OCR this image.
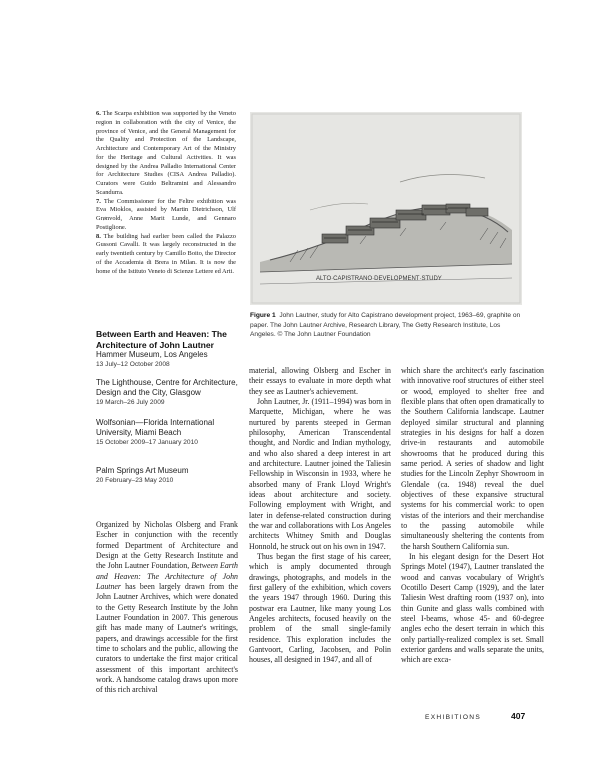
6. The Scarpa exhibition was supported by the Veneto region in collaboration with the city of Venice, the province of Venice, and the General Management for the Quality and Protection of the Landscape, Architecture and Contemporary Art of the Ministry for the Heritage and Cultural Activities. It was designed by the Andrea Palladio International Center for Architecture Studies (CISA Andrea Palladio). Curators were Guido Beltramini and Alessandro Scandurra.

7. The Commissioner for the Feltre exhibition was Eva Mioklos, assisted by Martin Dietrichson, Ulf Grønvold, Anne Marit Lunde, and Gennaro Postiglione.

8. The building had earlier been called the Palazzo Gussoni Cavalli. It was largely reconstructed in the early twentieth century by Camillo Boito, the Director of the Accademia di Brera in Milan. It is now the home of the Istituto Veneto di Scienze Lettere ed Arti.

ALTO·CAPISTRANO·DEVELOPMENT·STUDY
Figure 1 John Lautner, study for Alto Capistrano development project, 1963–69, graphite on paper. The John Lautner Archive, Research Library, The Getty Research Institute, Los Angeles. © The John Lautner Foundation
Between Earth and Heaven: The Architecture of John Lautner
Hammer Museum, Los Angeles
13 July–12 October 2008
The Lighthouse, Centre for Architecture, Design and the City, Glasgow
19 March–26 July 2009
Wolfsonian—Florida International University, Miami Beach
15 October 2009–17 January 2010
Palm Springs Art Museum
20 February–23 May 2010

Organized by Nicholas Olsberg and Frank Escher in conjunction with the recently formed Department of Architecture and Design at the Getty Research Institute and the John Lautner Foundation, Between Earth and Heaven: The Architecture of John Lautner has been largely drawn from the John Lautner Archives, which were donated to the Getty Research Institute by the John Lautner Foundation in 2007. This generous gift has made many of Lautner's writings, papers, and drawings accessible for the first time to scholars and the public, allowing the curators to undertake the first major critical assessment of this important architect's work. A handsome catalog draws upon more of this rich archival

material, allowing Olsberg and Escher in their essays to evaluate in more depth what they see as Lautner's achievement.

John Lautner, Jr. (1911–1994) was born in Marquette, Michigan, where he was nurtured by parents steeped in German philosophy, American Transcendental thought, and Nordic and Indian mythology, and who also shared a deep interest in art and architecture. Lautner joined the Taliesin Fellowship in Wisconsin in 1933, where he absorbed many of Frank Lloyd Wright's ideas about architecture and society. Following employment with Wright, and later in defense-related construction during the war and collaborations with Los Angeles architects Whitney Smith and Douglas Honnold, he struck out on his own in 1947.

Thus began the first stage of his career, which is amply documented through drawings, photographs, and models in the first gallery of the exhibition, which covers the years 1947 through 1960. During this postwar era Lautner, like many young Los Angeles architects, focused heavily on the problem of the small single-family residence. This exploration includes the Gantvoort, Carling, Jacobsen, and Polin houses, all designed in 1947, and all of

which share the architect's early fascination with innovative roof structures of either steel or wood, employed to shelter free and flexible plans that often open dramatically to the Southern California landscape. Lautner deployed similar structural and planning strategies in his designs for half a dozen drive-in restaurants and automobile showrooms that he produced during this same period. A series of shadow and light studies for the Lincoln Zephyr Showroom in Glendale (ca. 1948) reveal the duel objectives of these expansive structural systems for his commercial work: to open vistas of the interiors and their merchandise to the passing automobile while simultaneously sheltering the contents from the harsh Southern California sun.

In his elegant design for the Desert Hot Springs Motel (1947), Lautner translated the wood and canvas vocabulary of Wright's Ocotillo Desert Camp (1929), and the later Taliesin West drafting room (1937 on), into thin Gunite and glass walls combined with steel I-beams, whose 45- and 60-degree angles echo the desert terrain in which this only partially-realized complex is set. Small exterior gardens and walls separate the units, which are exca-

EXHIBITIONS	407
